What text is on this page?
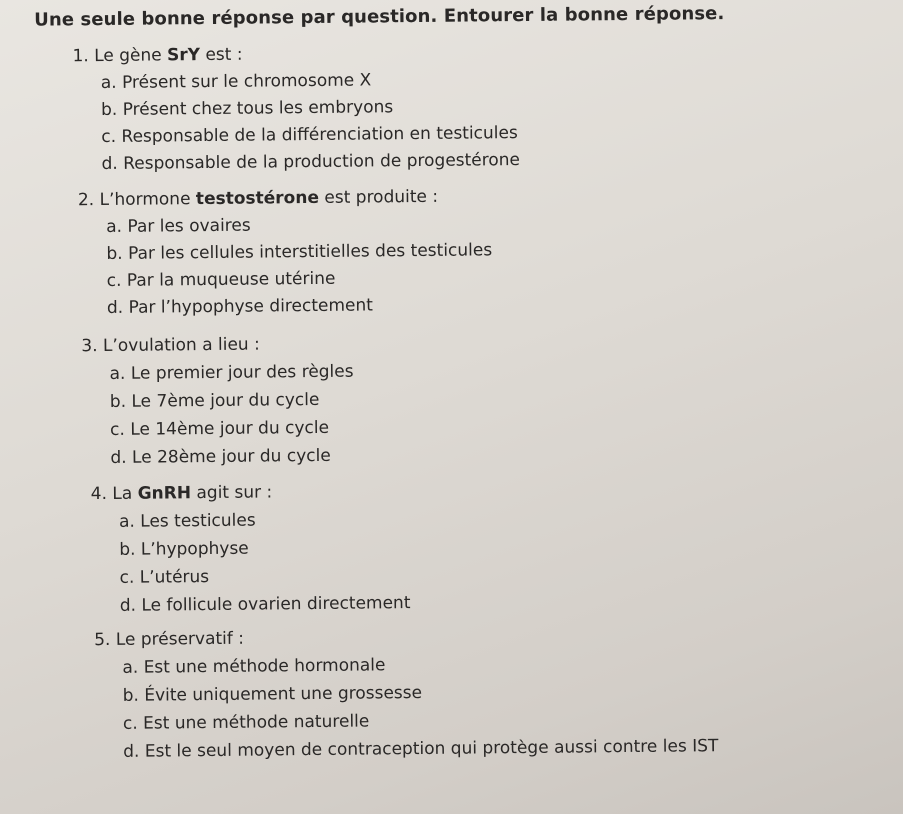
Une seule bonne réponse par question. Entourer la bonne réponse.
1. Le gène SrY est :
a. Présent sur le chromosome X
b. Présent chez tous les embryons
c. Responsable de la différenciation en testicules
d. Responsable de la production de progestérone
2. L’hormone testostérone est produite :
a. Par les ovaires
b. Par les cellules interstitielles des testicules
c. Par la muqueuse utérine
d. Par l’hypophyse directement
3. L’ovulation a lieu :
a. Le premier jour des règles
b. Le 7ème jour du cycle
c. Le 14ème jour du cycle
d. Le 28ème jour du cycle
4. La GnRH agit sur :
a. Les testicules
b. L’hypophyse
c. L’utérus
d. Le follicule ovarien directement
5. Le préservatif :
a. Est une méthode hormonale
b. Évite uniquement une grossesse
c. Est une méthode naturelle
d. Est le seul moyen de contraception qui protège aussi contre les IST
